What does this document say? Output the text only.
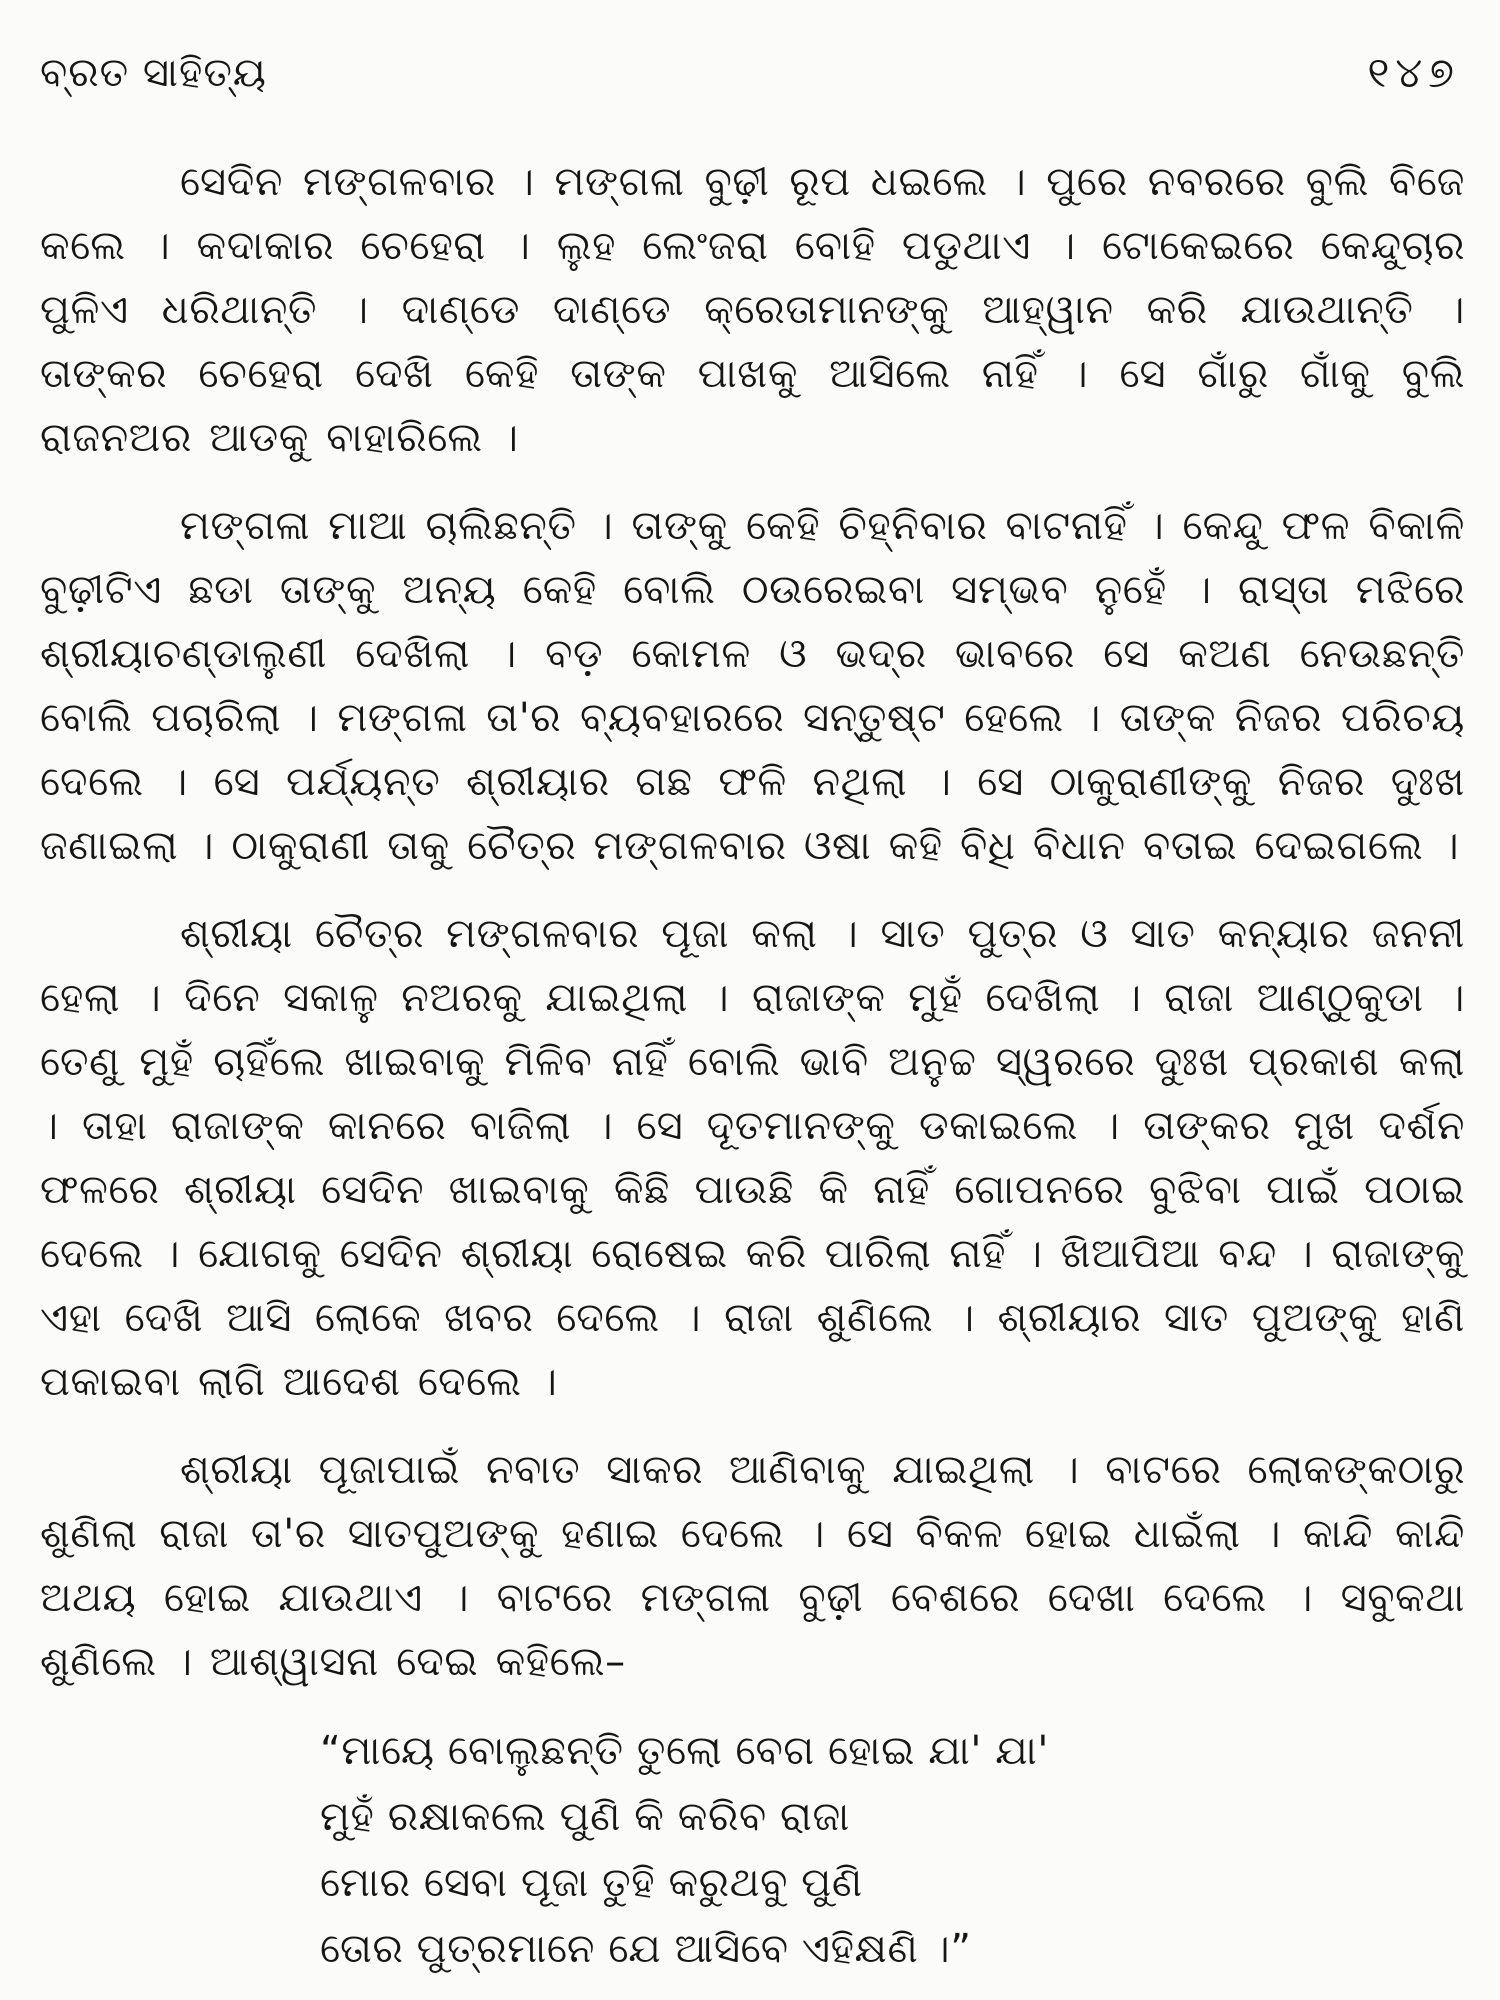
ବ୍ରତ ସାହିତ୍ୟ	୧୪୭

ସେଦିନ ମଙ୍ଗଳବାର । ମଙ୍ଗଳା ବୁଢ଼ୀ ରୂପ ଧଇଲେ । ପୁରେ ନବରରେ ବୁଲି ବିଜେ କଲେ । କଦାକାର ଚେହେରା । ଲୁହ ଲେଂଜରା ବୋହି ପଡୁଥାଏ । ଟୋକେଇରେ କେନ୍ଦୁଚାର ପୁଳିଏ ଧରିଥାନ୍ତି । ଦାଣ୍ଡେ ଦାଣ୍ଡେ କ୍ରେତାମାନଙ୍କୁ ଆହ୍ୱାନ କରି ଯାଉଥାନ୍ତି । ତାଙ୍କର ଚେହେରା ଦେଖି କେହି ତାଙ୍କ ପାଖକୁ ଆସିଲେ ନାହିଁ । ସେ ଗାଁରୁ ଗାଁକୁ ବୁଲି ରାଜନଅର ଆଡକୁ ବାହାରିଲେ ।

ମଙ୍ଗଳା ମାଆ ଚାଲିଛନ୍ତି । ତାଙ୍କୁ କେହି ଚିହ୍ନିବାର ବାଟନାହିଁ । କେନ୍ଦୁ ଫଳ ବିକାଳି ବୁଢ଼ୀଟିଏ ଛଡା ତାଙ୍କୁ ଅନ୍ୟ କେହି ବୋଲି ଠଉରେଇବା ସମ୍ଭବ ନୁହେଁ । ରାସ୍ତା ମଝିରେ ଶ୍ରୀୟାଚଣ୍ଡାଲୁଣୀ ଦେଖିଲା । ବଡ଼ କୋମଳ ଓ ଭଦ୍ର ଭାବରେ ସେ କଅଣ ନେଉଛନ୍ତି ବୋଲି ପଚାରିଲା । ମଙ୍ଗଳା ତା'ର ବ୍ୟବହାରରେ ସନ୍ତୁଷ୍ଟ ହେଲେ । ତାଙ୍କ ନିଜର ପରିଚୟ ଦେଲେ । ସେ ପର୍ଯ୍ୟନ୍ତ ଶ୍ରୀୟାର ଗଛ ଫଳି ନଥିଲା । ସେ ଠାକୁରାଣୀଙ୍କୁ ନିଜର ଦୁଃଖ ଜଣାଇଲା । ଠାକୁରାଣୀ ତାକୁ ଚୈତ୍ର ମଙ୍ଗଳବାର ଓଷା କହି ବିଧି ବିଧାନ ବତାଇ ଦେଇଗଲେ ।

ଶ୍ରୀୟା ଚୈତ୍ର ମଙ୍ଗଳବାର ପୂଜା କଲା । ସାତ ପୁତ୍ର ଓ ସାତ କନ୍ୟାର ଜନନୀ ହେଲା । ଦିନେ ସକାଳୁ ନଅରକୁ ଯାଇଥିଲା । ରାଜାଙ୍କ ମୁହଁ ଦେଖିଲା । ରାଜା ଆଣ୍ଠୁକୁଡା । ତେଣୁ ମୁହଁ ଚାହିଁଲେ ଖାଇବାକୁ ମିଳିବ ନାହିଁ ବୋଲି ଭାବି ଅନୁଚ୍ଚ ସ୍ୱରରେ ଦୁଃଖ ପ୍ରକାଶ କଲା । ତାହା ରାଜାଙ୍କ କାନରେ ବାଜିଲା । ସେ ଦୂତମାନଙ୍କୁ ଡକାଇଲେ । ତାଙ୍କର ମୁଖ ଦର୍ଶନ ଫଳରେ ଶ୍ରୀୟା ସେଦିନ ଖାଇବାକୁ କିଛି ପାଉଛି କି ନାହିଁ ଗୋପନରେ ବୁଝିବା ପାଇଁ ପଠାଇ ଦେଲେ । ଯୋଗକୁ ସେଦିନ ଶ୍ରୀୟା ରୋଷେଇ କରି ପାରିଲା ନାହିଁ । ଖିଆପିଆ ବନ୍ଦ । ରାଜାଙ୍କୁ ଏହା ଦେଖି ଆସି ଲୋକେ ଖବର ଦେଲେ । ରାଜା ଶୁଣିଲେ । ଶ୍ରୀୟାର ସାତ ପୁଅଙ୍କୁ ହାଣି ପକାଇବା ଲାଗି ଆଦେଶ ଦେଲେ ।

ଶ୍ରୀୟା ପୂଜାପାଇଁ ନବାତ ସାକର ଆଣିବାକୁ ଯାଇଥିଲା । ବାଟରେ ଲୋକଙ୍କଠାରୁ ଶୁଣିଲା ରାଜା ତା'ର ସାତପୁଅଙ୍କୁ ହଣାଇ ଦେଲେ । ସେ ବିକଳ ହୋଇ ଧାଇଁଲା । କାନ୍ଦି କାନ୍ଦି ଅଥୟ ହୋଇ ଯାଉଥାଏ । ବାଟରେ ମଙ୍ଗଳା ବୁଢ଼ୀ ବେଶରେ ଦେଖା ଦେଲେ । ସବୁକଥା ଶୁଣିଲେ । ଆଶ୍ୱାସନା ଦେଇ କହିଲେ–

“ମାୟେ ବୋଲୁଛନ୍ତି ତୁଲୋ ବେଗ ହୋଇ ଯା' ଯା'
ମୁହଁ ରକ୍ଷାକଲେ ପୁଣି କି କରିବ ରାଜା
ମୋର ସେବା ପୂଜା ତୁହି କରୁଥବୁ ପୁଣି
ତୋର ପୁତ୍ରମାନେ ଯେ ଆସିବେ ଏହିକ୍ଷଣି ।”
